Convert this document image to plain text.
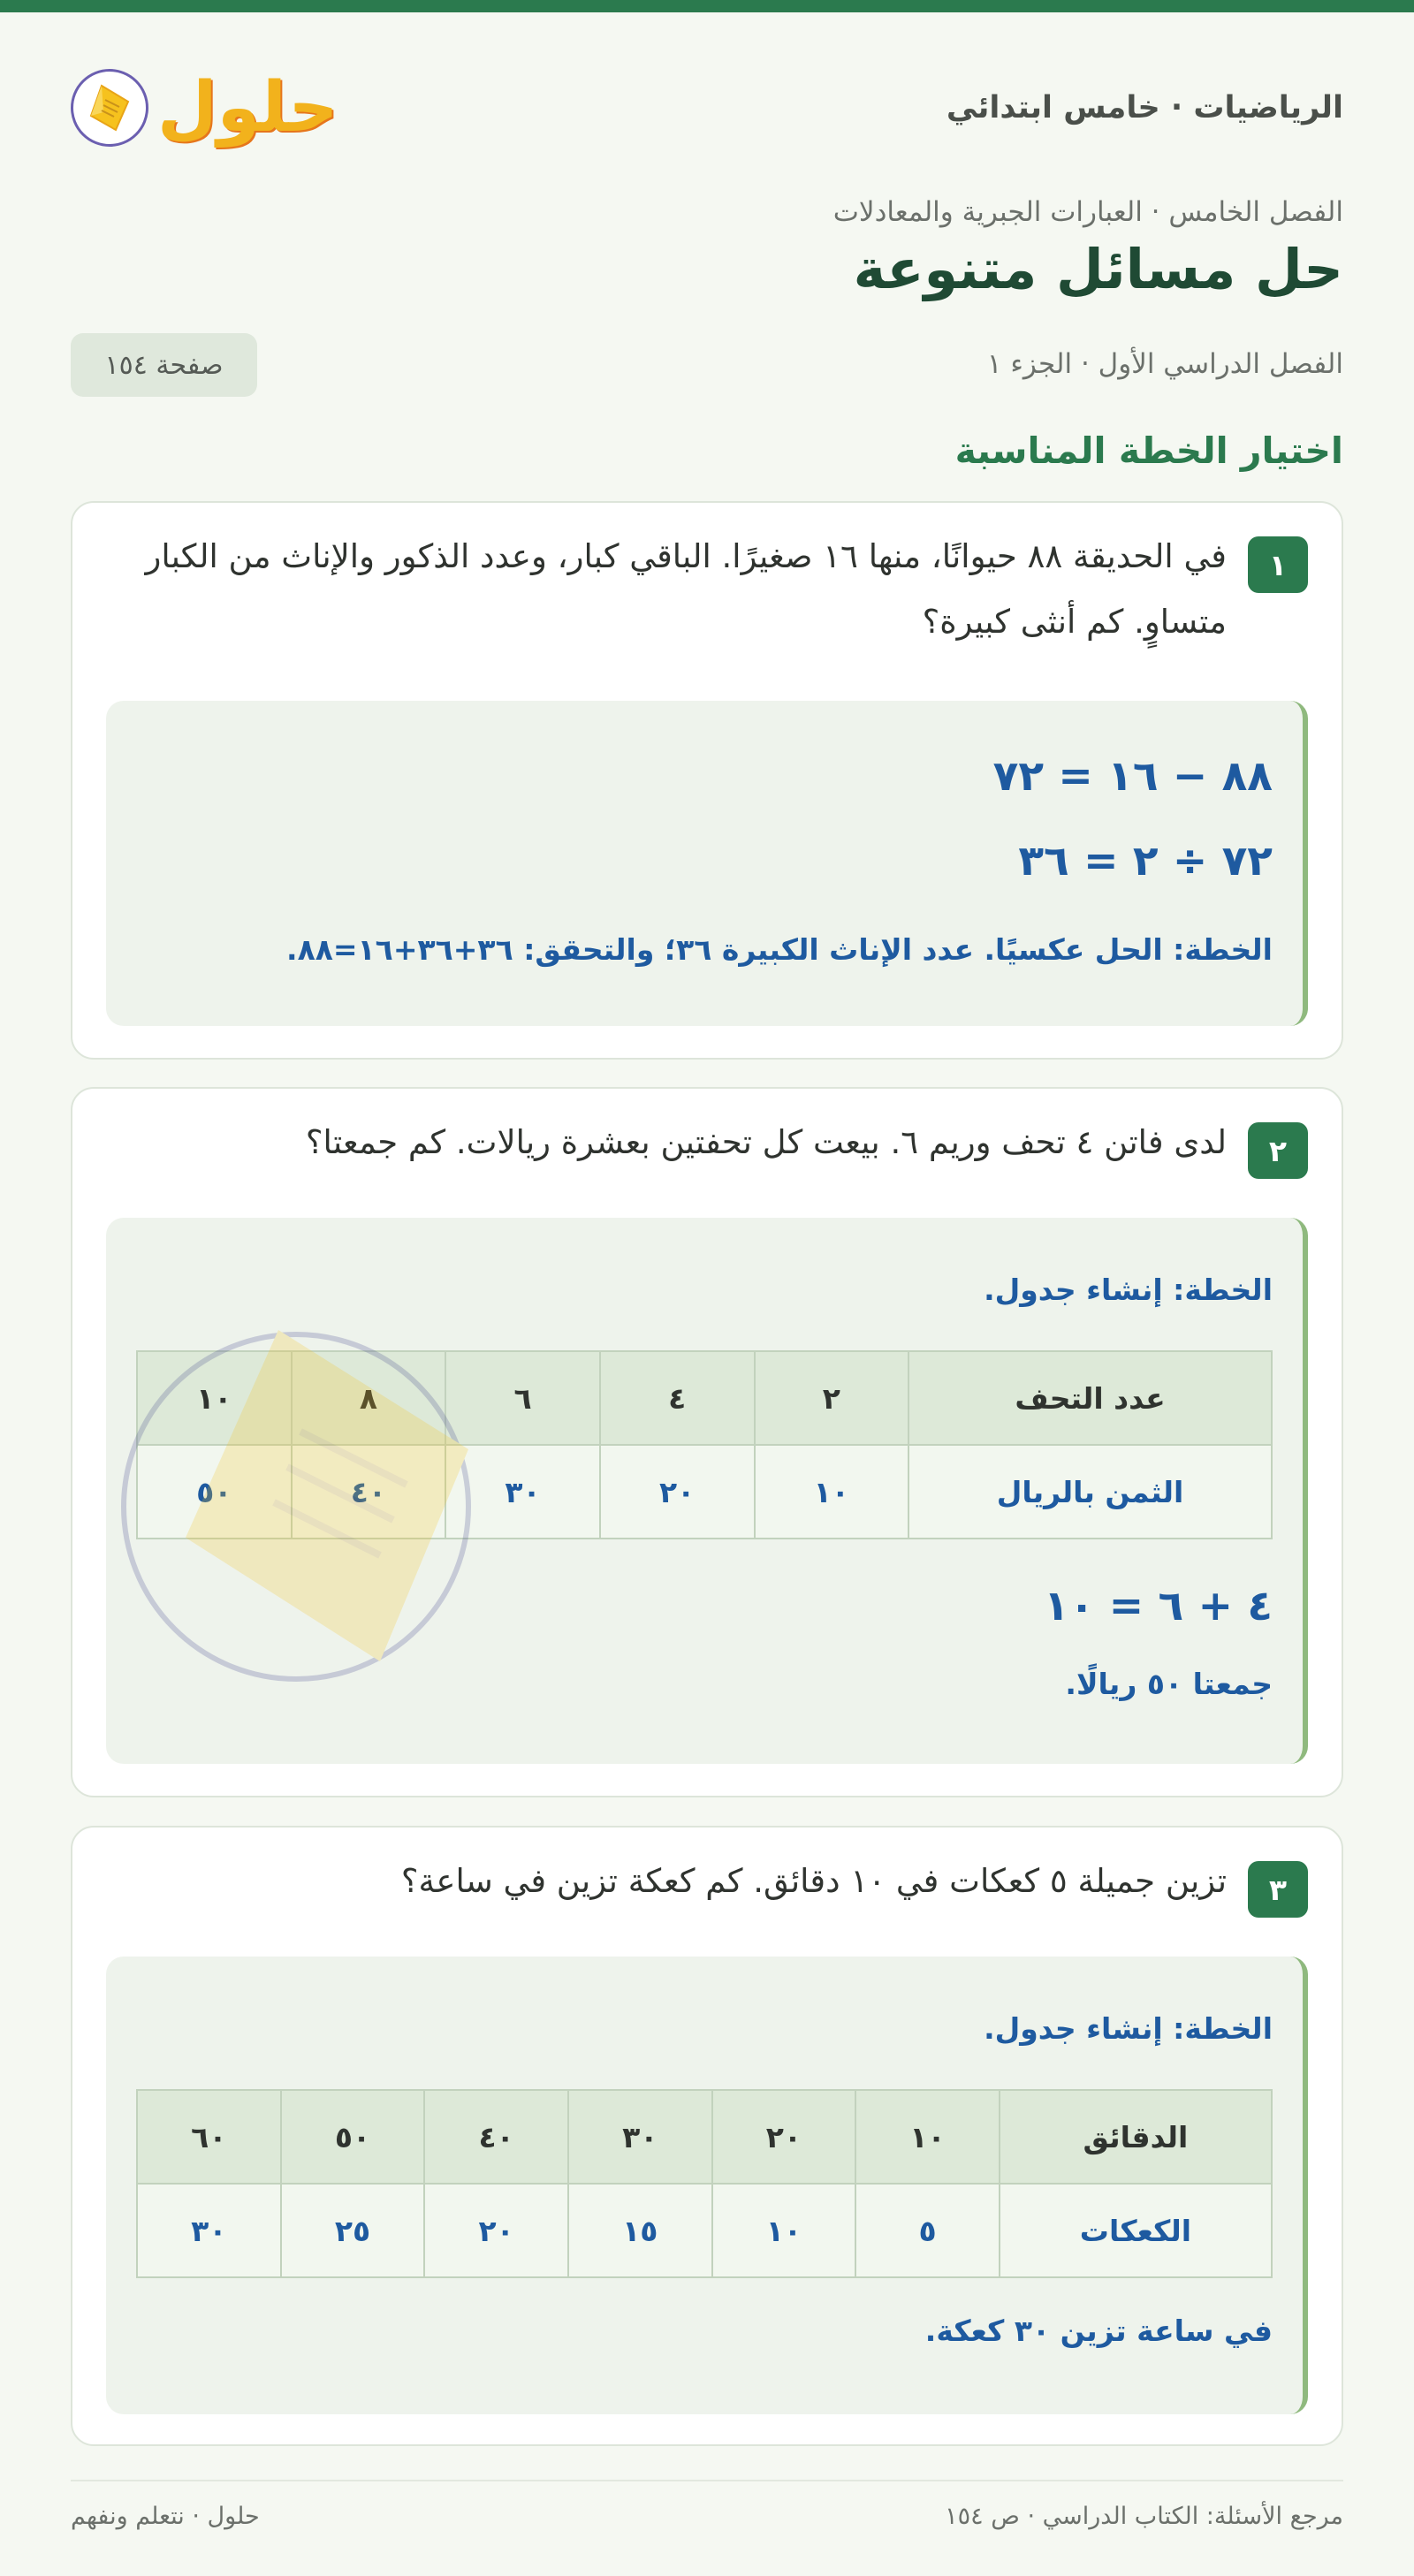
الرياضيات · خامس ابتدائي
حلول
الفصل الخامس · العبارات الجبرية والمعادلات
حل مسائل متنوعة
الفصل الدراسي الأول · الجزء ١
صفحة ١٥٤
اختيار الخطة المناسبة
١
في الحديقة ٨٨ حيوانًا، منها ١٦ صغيرًا. الباقي كبار، وعدد الذكور والإناث من الكبار متساوٍ. كم أنثى كبيرة؟
٨٨ − ١٦ = ٧٢
٧٢ ÷ ٢ = ٣٦
الخطة: الحل عكسيًا. عدد الإناث الكبيرة ٣٦؛ والتحقق: ٣٦+٣٦+١٦=٨٨.
٢
لدى فاتن ٤ تحف وريم ٦. بيعت كل تحفتين بعشرة ريالات. كم جمعتا؟
الخطة: إنشاء جدول.
عدد التحف	٢	٤	٦	٨	١٠
الثمن بالريال	١٠	٢٠	٣٠	٤٠	٥٠
٤ + ٦ = ١٠
جمعتا ٥٠ ريالًا.
٣
تزين جميلة ٥ كعكات في ١٠ دقائق. كم كعكة تزين في ساعة؟
الخطة: إنشاء جدول.
الدقائق	١٠	٢٠	٣٠	٤٠	٥٠	٦٠
الكعكات	٥	١٠	١٥	٢٠	٢٥	٣٠
في ساعة تزين ٣٠ كعكة.
مرجع الأسئلة: الكتاب الدراسي · ص ١٥٤
حلول · نتعلم ونفهم
